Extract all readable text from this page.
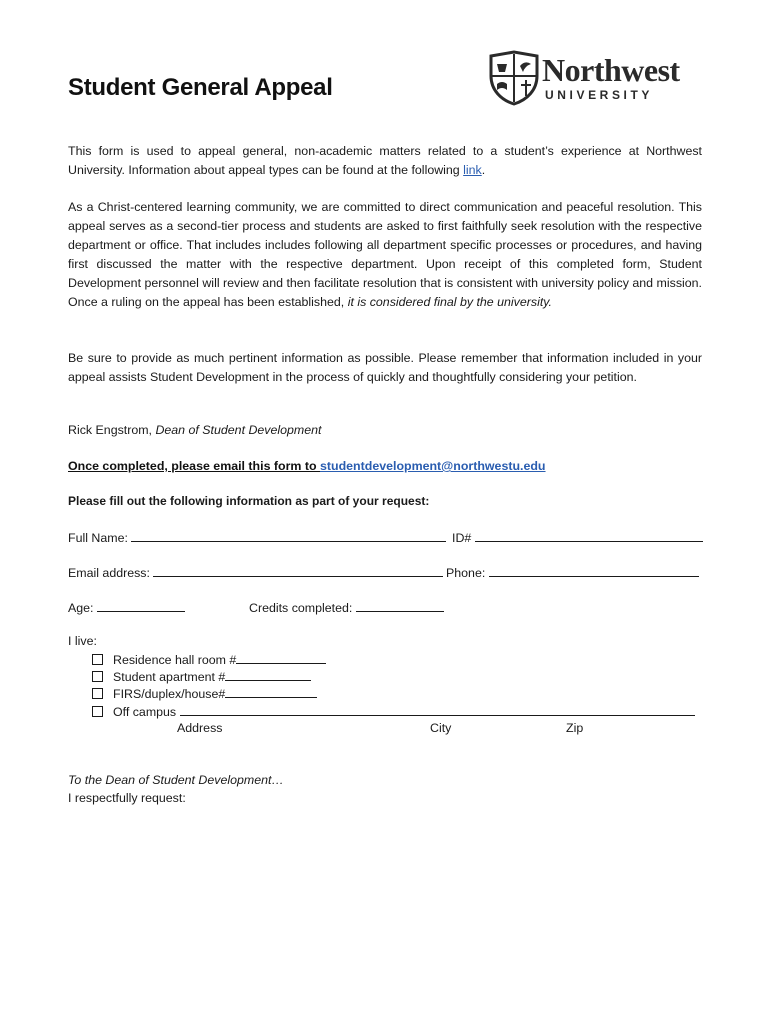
Northwest
UNIVERSITY
Student General Appeal

This form is used to appeal general, non-academic matters related to a student’s experience at Northwest University. Information about appeal types can be found at the following link.

As a Christ-centered learning community, we are committed to direct communication and peaceful resolution. This appeal serves as a second-tier process and students are asked to first faithfully seek resolution with the respective department or office. That includes includes following all department specific processes or procedures, and having first discussed the matter with the respective department. Upon receipt of this completed form, Student Development personnel will review and then facilitate resolution that is consistent with university policy and mission. Once a ruling on the appeal has been established, it is considered final by the university.

Be sure to provide as much pertinent information as possible. Please remember that information included in your appeal assists Student Development in the process of quickly and thoughtfully considering your petition.

Rick Engstrom, Dean of Student Development
Once completed, please email this form to studentdevelopment@northwestu.edu
Please fill out the following information as part of your request:
Full Name:	ID#
Email address:	Phone:
Age:	Credits completed:
I live:
Residence hall room #
Student apartment #
FIRS/duplex/house#
Off campus
Address	City	Zip
To the Dean of Student Development…
I respectfully request:
